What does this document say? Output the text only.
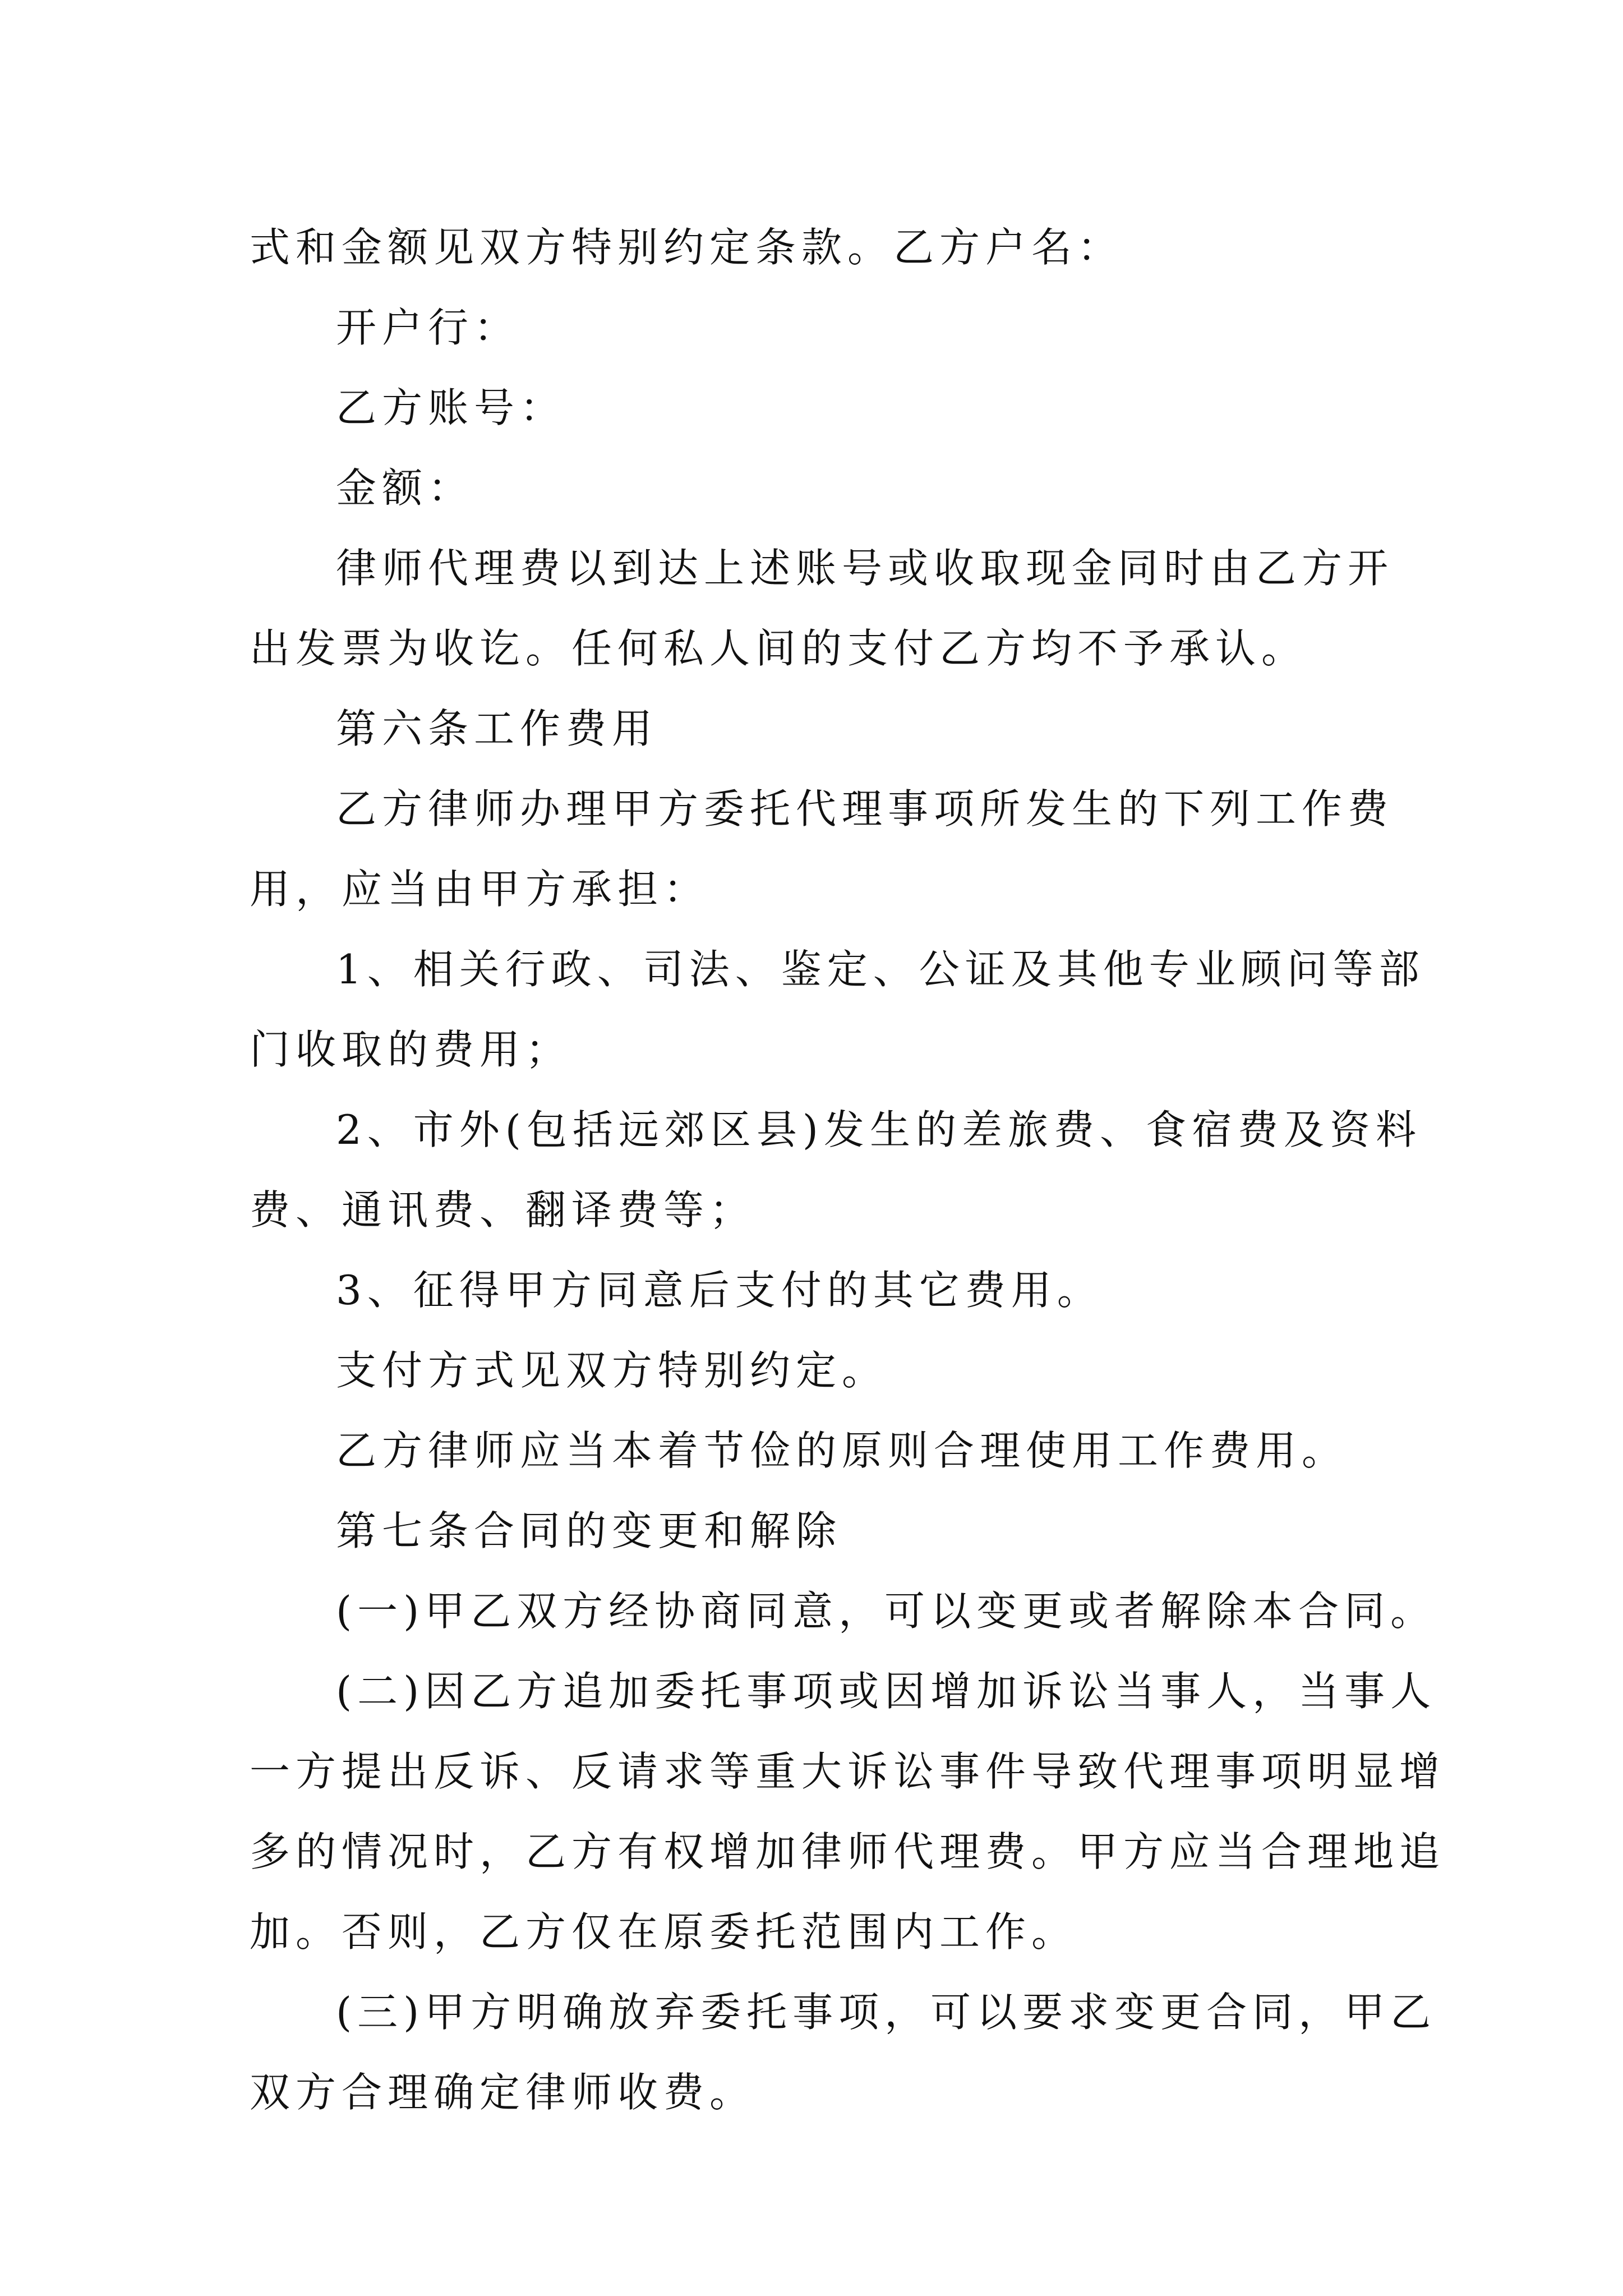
式和金额见双方特别约定条款。乙方户名：
开户行：
乙方账号：
金额：
律师代理费以到达上述账号或收取现金同时由乙方开
出发票为收讫。任何私人间的支付乙方均不予承认。
第六条工作费用
乙方律师办理甲方委托代理事项所发生的下列工作费
用，应当由甲方承担：
1、相关行政、司法、鉴定、公证及其他专业顾问等部
门收取的费用；
2、市外(包括远郊区县)发生的差旅费、食宿费及资料
费、通讯费、翻译费等；
3、征得甲方同意后支付的其它费用。
支付方式见双方特别约定。
乙方律师应当本着节俭的原则合理使用工作费用。
第七条合同的变更和解除
(一)甲乙双方经协商同意，可以变更或者解除本合同。
(二)因乙方追加委托事项或因增加诉讼当事人，当事人
一方提出反诉、反请求等重大诉讼事件导致代理事项明显增
多的情况时，乙方有权增加律师代理费。甲方应当合理地追
加。否则，乙方仅在原委托范围内工作。
(三)甲方明确放弃委托事项，可以要求变更合同，甲乙
双方合理确定律师收费。
